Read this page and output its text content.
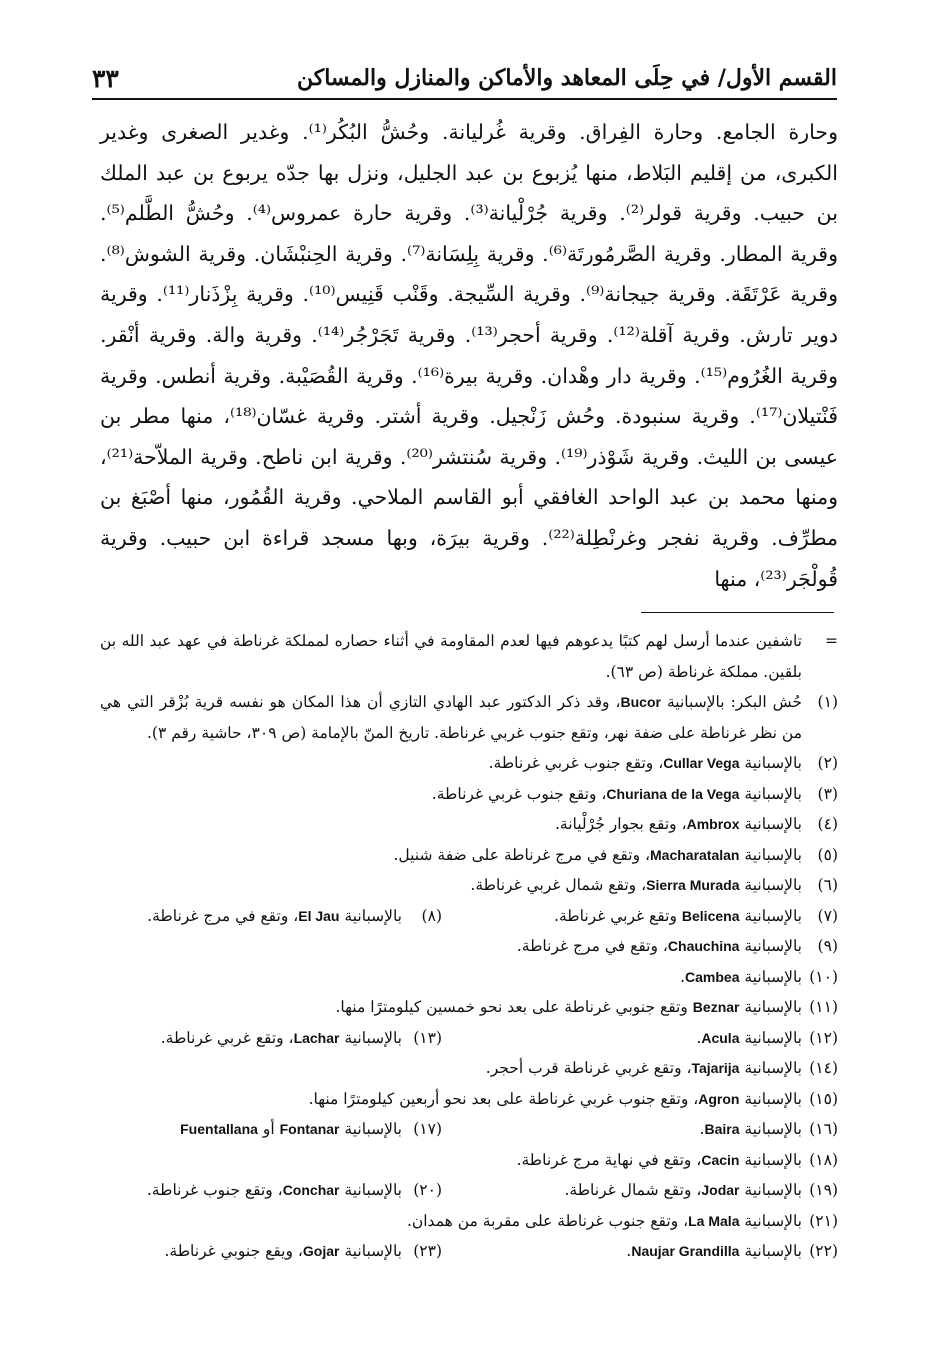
٣٣	القسم الأول/ في حِلَى المعاهد والأماكن والمنازل والمساكن

وحارة الجامع. وحارة الفِراق. وقرية غُرليانة. وحُشُّ البُكُر⁽¹⁾. وغدير الصغرى وغدير الكبرى، من إقليم البَلاط، منها يُزبوع بن عبد الجليل، ونزل بها جدّه يربوع بن عبد الملك بن حبيب. وقرية قولر⁽²⁾. وقرية جُرْلْيانة⁽³⁾. وقرية حارة عمروس⁽⁴⁾. وحُشُّ الطَّلم⁽⁵⁾. وقرية المطار. وقرية الصَّرمُورتَة⁽⁶⁾. وقرية بِلِسَانة⁽⁷⁾. وقرية الحِنبْشَان. وقرية الشوش⁽⁸⁾. وقرية عَرْتَقَة. وقرية جيجانة⁽⁹⁾. وقرية السِّيجة. وقَنْب قَنِيس⁽¹⁰⁾. وقرية بِزْذَنار⁽¹¹⁾. وقرية دوير تارش. وقرية آقلة⁽¹²⁾. وقرية أحجر⁽¹³⁾. وقرية تَجَرْجُر⁽¹⁴⁾. وقرية والة. وقرية أنْقر. وقرية الغُرُوم⁽¹⁵⁾. وقرية دار وهْدان. وقرية بيرة⁽¹⁶⁾. وقرية القُصَيْبة. وقرية أنطس. وقرية فَنْتيلان⁽¹⁷⁾. وقرية سنبودة. وحُش زَنْجيل. وقرية أشتر. وقرية غسّان⁽¹⁸⁾، منها مطر بن عيسى بن الليث. وقرية شَوْذر⁽¹⁹⁾. وقرية سُنتشر⁽²⁰⁾. وقرية ابن ناطح. وقرية الملاّحة⁽²¹⁾، ومنها محمد بن عبد الواحد الغافقي أبو القاسم الملاحي. وقرية القُمُور، منها أصْبَغ بن مطرِّف. وقرية نفجر وغرنْطِلة⁽²²⁾. وقرية بيرَة، وبها مسجد قراءة ابن حبيب. وقرية قُولْجَر⁽²³⁾، منها

=
تاشفين عندما أرسل لهم كتبًا يدعوهم فيها لعدم المقاومة في أثناء حصاره لمملكة غرناطة في عهد عبد الله بن بلقين. مملكة غرناطة (ص ٦٣).
(١)
حُش البكر: بالإسبانية Bucor، وقد ذكر الدكتور عبد الهادي التازي أن هذا المكان هو نفسه قرية بُزْقر التي هي من نظر غرناطة على ضفة نهر، وتقع جنوب غربي غرناطة. تاريخ المنّ بالإمامة (ص ٣٠٩، حاشية رقم ٣).
(٢)
بالإسبانية Cullar Vega، وتقع جنوب غربي غرناطة.
(٣)
بالإسبانية Churiana de la Vega، وتقع جنوب غربي غرناطة.
(٤)
بالإسبانية Ambrox، وتقع بجوار جُرْلْيانة.
(٥)
بالإسبانية Macharatalan، وتقع في مرج غرناطة على ضفة شنيل.
(٦)
بالإسبانية Sierra Murada، وتقع شمال غربي غرناطة.
(٧)
بالإسبانية Belicena وتقع غربي غرناطة.
(٨)
بالإسبانية El Jau، وتقع في مرج غرناطة.
(٩)
بالإسبانية Chauchina، وتقع في مرج غرناطة.
(١٠)
بالإسبانية Cambea.
(١١)
بالإسبانية Beznar وتقع جنوبي غرناطة على بعد نحو خمسين كيلومترًا منها.
(١٢)
بالإسبانية Acula.
(١٣)
بالإسبانية Lachar، وتقع غربي غرناطة.
(١٤)
بالإسبانية Tajarija، وتقع غربي غرناطة قرب أحجر.
(١٥)
بالإسبانية Agron، وتقع جنوب غربي غرناطة على بعد نحو أربعين كيلومترًا منها.
(١٦)
بالإسبانية Baira.
(١٧)
بالإسبانية Fontanar أو Fuentallana
(١٨)
بالإسبانية Cacin، وتقع في نهاية مرج غرناطة.
(١٩)
بالإسبانية Jodar، وتقع شمال غرناطة.
(٢٠)
بالإسبانية Conchar، وتقع جنوب غرناطة.
(٢١)
بالإسبانية La Mala، وتقع جنوب غرناطة على مقربة من همدان.
(٢٢)
بالإسبانية Naujar Grandilla.
(٢٣)
بالإسبانية Gojar، ويقع جنوبي غرناطة.
